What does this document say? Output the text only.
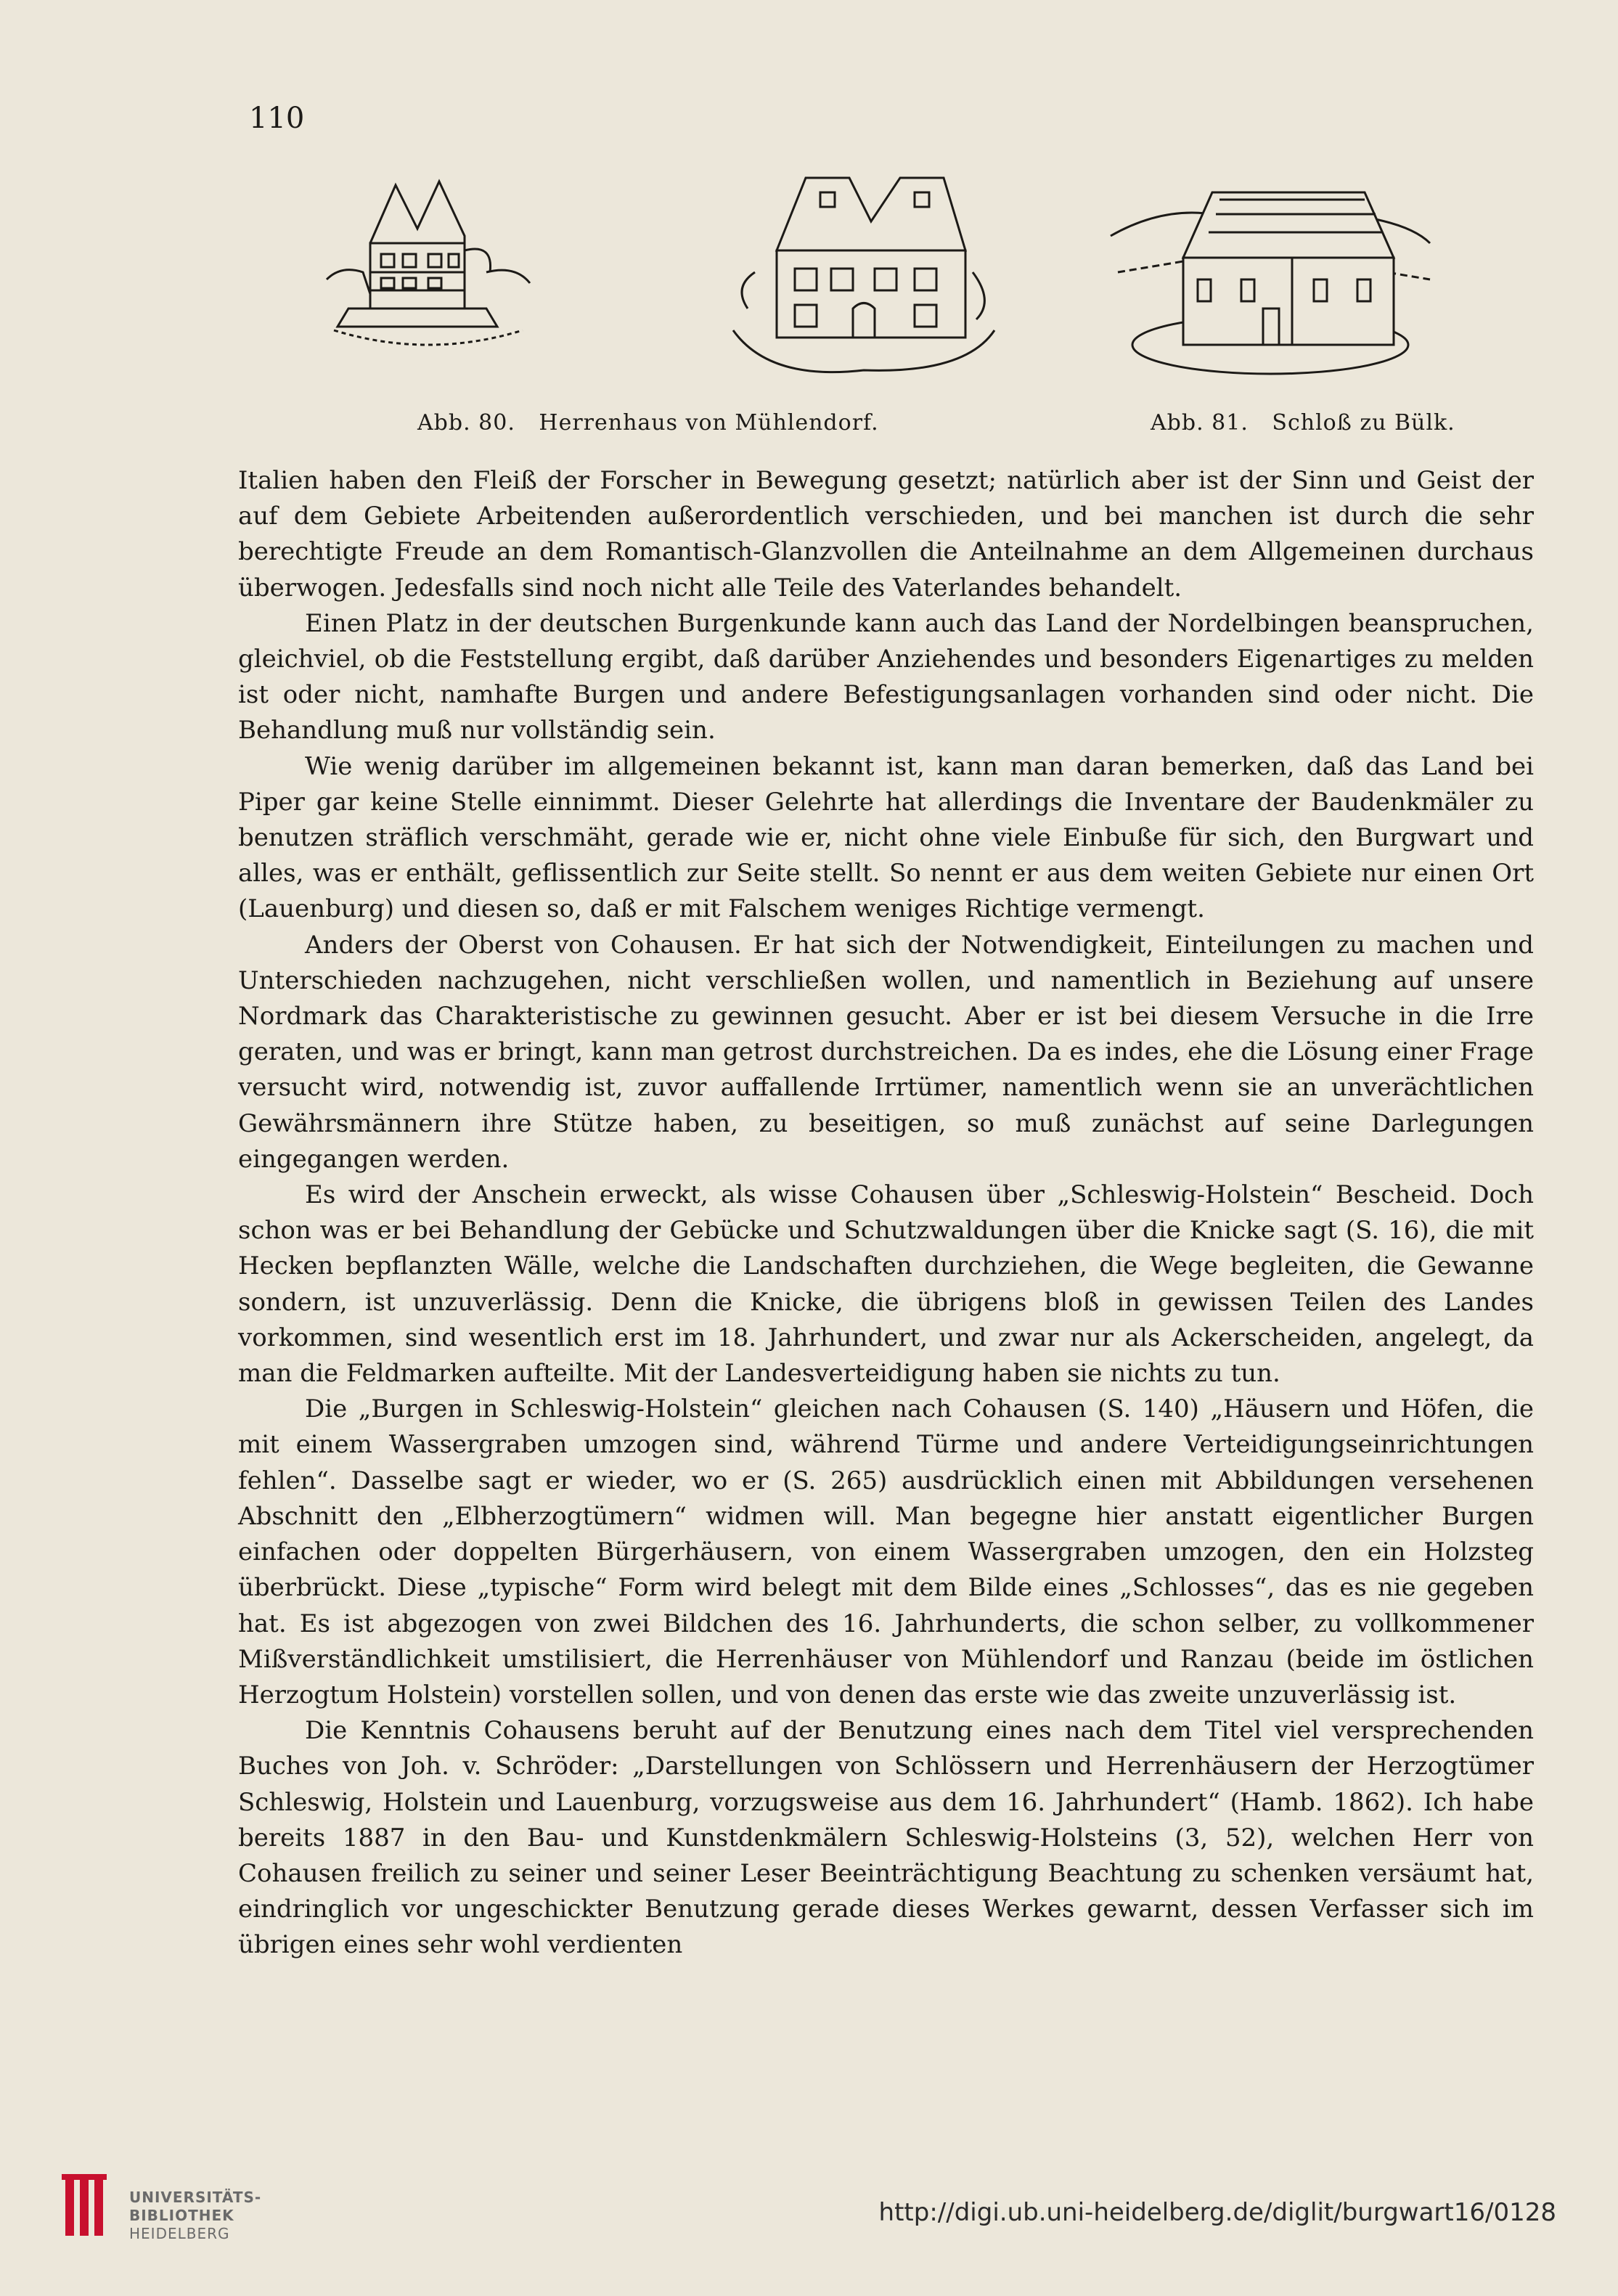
110
Abb. 80. Herrenhaus von Mühlendorf.	Abb. 81. Schloß zu Bülk.

Italien haben den Fleiß der Forscher in Bewegung gesetzt; natürlich aber ist der Sinn und Geist der auf dem Gebiete Arbeitenden außerordentlich verschieden, und bei manchen ist durch die sehr berechtigte Freude an dem Romantisch-Glanzvollen die Anteilnahme an dem Allgemeinen durchaus überwogen. Jedesfalls sind noch nicht alle Teile des Vaterlandes behandelt.

Einen Platz in der deutschen Burgenkunde kann auch das Land der Nordelbingen beanspruchen, gleichviel, ob die Feststellung ergibt, daß darüber Anziehendes und besonders Eigenartiges zu melden ist oder nicht, namhafte Burgen und andere Befestigungsanlagen vorhanden sind oder nicht. Die Behandlung muß nur vollständig sein.

Wie wenig darüber im allgemeinen bekannt ist, kann man daran bemerken, daß das Land bei Piper gar keine Stelle einnimmt. Dieser Gelehrte hat allerdings die Inventare der Baudenkmäler zu benutzen sträflich verschmäht, gerade wie er, nicht ohne viele Einbuße für sich, den Burgwart und alles, was er enthält, geflissentlich zur Seite stellt. So nennt er aus dem weiten Gebiete nur einen Ort (Lauenburg) und diesen so, daß er mit Falschem weniges Richtige vermengt.

Anders der Oberst von Cohausen. Er hat sich der Notwendigkeit, Einteilungen zu machen und Unterschieden nachzugehen, nicht verschließen wollen, und namentlich in Beziehung auf unsere Nordmark das Charakteristische zu gewinnen gesucht. Aber er ist bei diesem Versuche in die Irre geraten, und was er bringt, kann man getrost durchstreichen. Da es indes, ehe die Lösung einer Frage versucht wird, notwendig ist, zuvor auffallende Irrtümer, namentlich wenn sie an unverächtlichen Gewährsmännern ihre Stütze haben, zu beseitigen, so muß zunächst auf seine Darlegungen eingegangen werden.

Es wird der Anschein erweckt, als wisse Cohausen über „Schleswig-Holstein“ Bescheid. Doch schon was er bei Behandlung der Gebücke und Schutzwaldungen über die Knicke sagt (S. 16), die mit Hecken bepflanzten Wälle, welche die Landschaften durchziehen, die Wege begleiten, die Gewanne sondern, ist unzuverlässig. Denn die Knicke, die übrigens bloß in gewissen Teilen des Landes vorkommen, sind wesentlich erst im 18. Jahrhundert, und zwar nur als Ackerscheiden, angelegt, da man die Feldmarken aufteilte. Mit der Landesverteidigung haben sie nichts zu tun.

Die „Burgen in Schleswig-Holstein“ gleichen nach Cohausen (S. 140) „Häusern und Höfen, die mit einem Wassergraben umzogen sind, während Türme und andere Verteidigungseinrichtungen fehlen“. Dasselbe sagt er wieder, wo er (S. 265) ausdrücklich einen mit Abbildungen versehenen Abschnitt den „Elbherzogtümern“ widmen will. Man begegne hier anstatt eigentlicher Burgen einfachen oder doppelten Bürgerhäusern, von einem Wassergraben umzogen, den ein Holzsteg überbrückt. Diese „typische“ Form wird belegt mit dem Bilde eines „Schlosses“, das es nie gegeben hat. Es ist abgezogen von zwei Bildchen des 16. Jahrhunderts, die schon selber, zu vollkommener Mißverständlichkeit umstilisiert, die Herrenhäuser von Mühlendorf und Ranzau (beide im östlichen Herzogtum Holstein) vorstellen sollen, und von denen das erste wie das zweite unzuverlässig ist.

Die Kenntnis Cohausens beruht auf der Benutzung eines nach dem Titel viel versprechenden Buches von Joh. v. Schröder: „Darstellungen von Schlössern und Herrenhäusern der Herzogtümer Schleswig, Holstein und Lauenburg, vorzugsweise aus dem 16. Jahrhundert“ (Hamb. 1862). Ich habe bereits 1887 in den Bau- und Kunstdenkmälern Schleswig-Holsteins (3, 52), welchen Herr von Cohausen freilich zu seiner und seiner Leser Beeinträchtigung Beachtung zu schenken versäumt hat, eindringlich vor ungeschickter Benutzung gerade dieses Werkes gewarnt, dessen Verfasser sich im übrigen eines sehr wohl verdienten

UNIVERSITÄTS-
BIBLIOTHEK
HEIDELBERG
http://digi.ub.uni-heidelberg.de/diglit/burgwart16/0128
